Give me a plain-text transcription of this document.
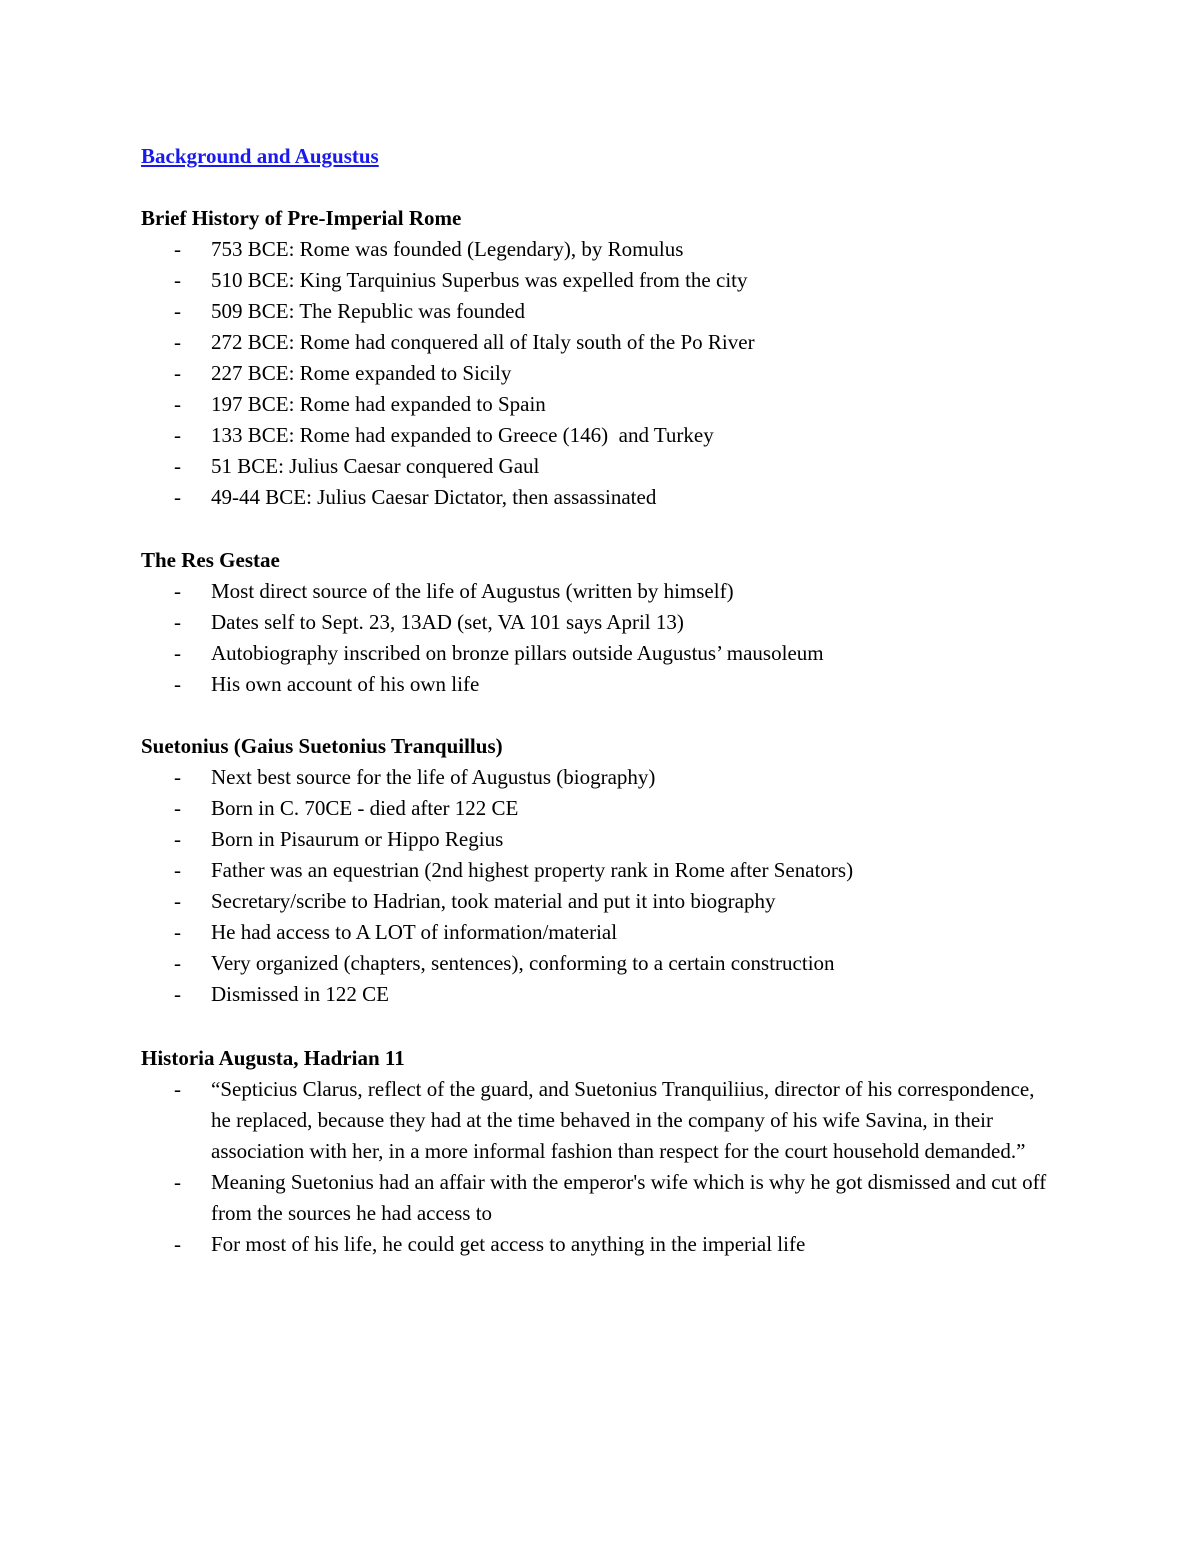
Background and Augustus
Brief History of Pre-Imperial Rome
- 753 BCE: Rome was founded (Legendary), by Romulus
- 510 BCE: King Tarquinius Superbus was expelled from the city
- 509 BCE: The Republic was founded
- 272 BCE: Rome had conquered all of Italy south of the Po River
- 227 BCE: Rome expanded to Sicily
- 197 BCE: Rome had expanded to Spain
- 133 BCE: Rome had expanded to Greece (146)  and Turkey
- 51 BCE: Julius Caesar conquered Gaul
- 49-44 BCE: Julius Caesar Dictator, then assassinated
The Res Gestae
- Most direct source of the life of Augustus (written by himself)
- Dates self to Sept. 23, 13AD (set, VA 101 says April 13)
- Autobiography inscribed on bronze pillars outside Augustus’ mausoleum
- His own account of his own life
Suetonius (Gaius Suetonius Tranquillus)
- Next best source for the life of Augustus (biography)
- Born in C. 70CE - died after 122 CE
- Born in Pisaurum or Hippo Regius
- Father was an equestrian (2nd highest property rank in Rome after Senators)
- Secretary/scribe to Hadrian, took material and put it into biography
- He had access to A LOT of information/material
- Very organized (chapters, sentences), conforming to a certain construction
- Dismissed in 122 CE
Historia Augusta, Hadrian 11
- “Septicius Clarus, reflect of the guard, and Suetonius Tranquiliius, director of his correspondence, he replaced, because they had at the time behaved in the company of his wife Savina, in their association with her, in a more informal fashion than respect for the court household demanded.”
- Meaning Suetonius had an affair with the emperor's wife which is why he got dismissed and cut off from the sources he had access to
- For most of his life, he could get access to anything in the imperial life
